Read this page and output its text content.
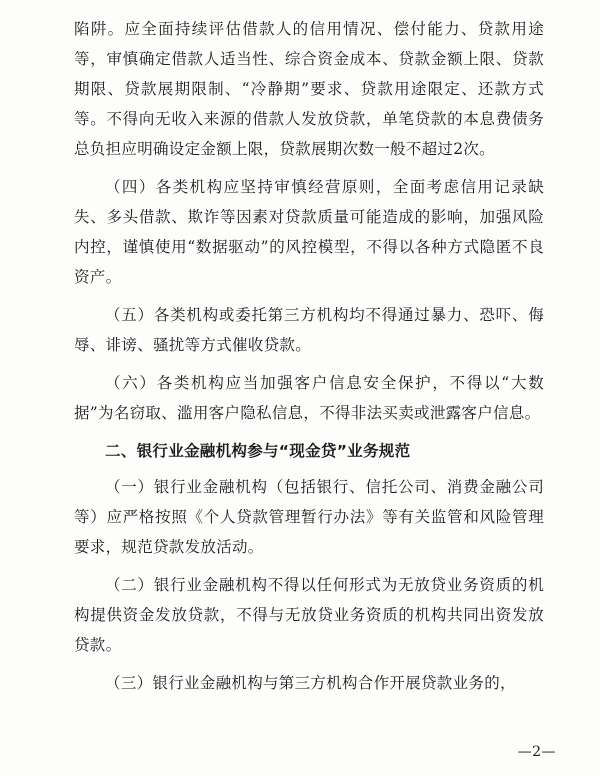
陷阱。应全面持续评估借款人的信用情况、偿付能力、贷款用途等，审慎确定借款人适当性、综合资金成本、贷款金额上限、贷款期限、贷款展期限制、“冷静期”要求、贷款用途限定、还款方式等。不得向无收入来源的借款人发放贷款，单笔贷款的本息费债务总负担应明确设定金额上限，贷款展期次数一般不超过2次。

（四）各类机构应坚持审慎经营原则，全面考虑信用记录缺失、多头借款、欺诈等因素对贷款质量可能造成的影响，加强风险内控，谨慎使用“数据驱动”的风控模型，不得以各种方式隐匿不良资产。

（五）各类机构或委托第三方机构均不得通过暴力、恐吓、侮辱、诽谤、骚扰等方式催收贷款。

（六）各类机构应当加强客户信息安全保护，不得以“大数据”为名窃取、滥用客户隐私信息，不得非法买卖或泄露客户信息。

二、银行业金融机构参与“现金贷”业务规范

（一）银行业金融机构（包括银行、信托公司、消费金融公司等）应严格按照《个人贷款管理暂行办法》等有关监管和风险管理要求，规范贷款发放活动。

（二）银行业金融机构不得以任何形式为无放贷业务资质的机构提供资金发放贷款，不得与无放贷业务资质的机构共同出资发放贷款。

（三）银行业金融机构与第三方机构合作开展贷款业务的，

—2—
